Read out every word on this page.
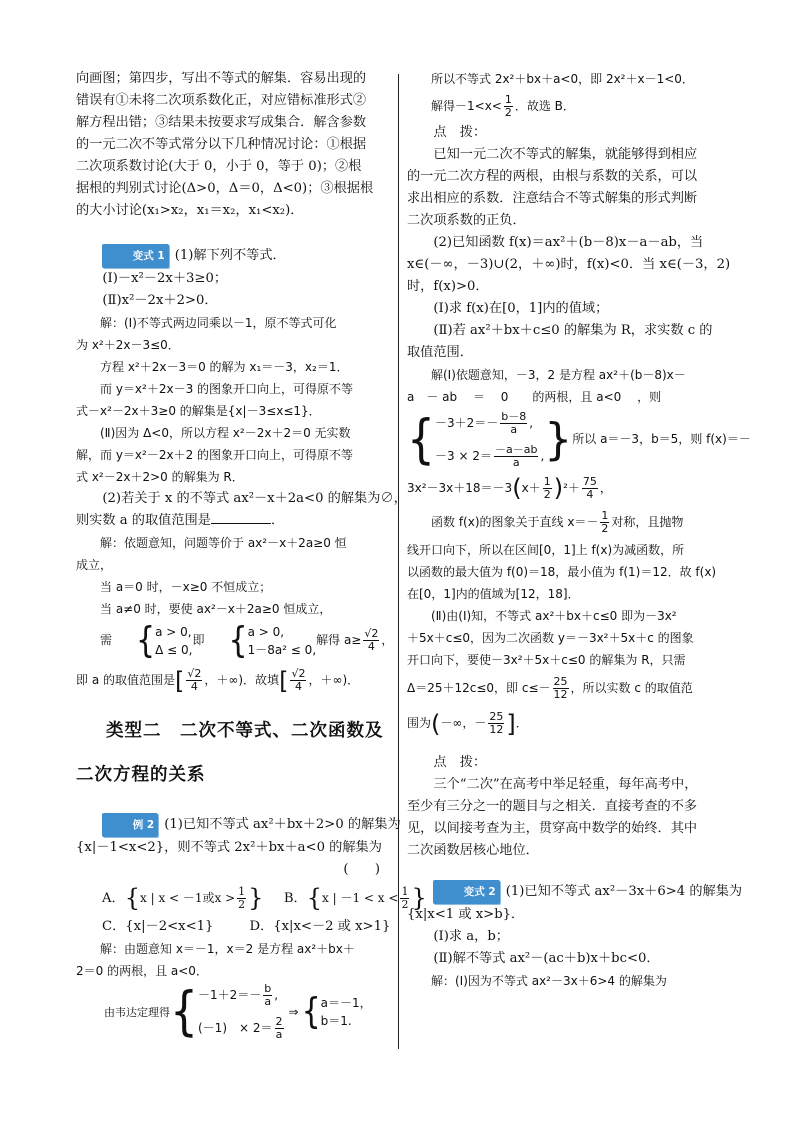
向画图；第四步，写出不等式的解集．容易出现的

错误有①未将二次项系数化正，对应错标准形式②

解方程出错；③结果未按要求写成集合．解含参数

的一元二次不等式常分以下几种情况讨论：①根据

二次项系数讨论(大于 0，小于 0，等于 0)；②根

据根的判别式讨论(Δ>0，Δ＝0，Δ<0)；③根据根

的大小讨论(x₁>x₂，x₁＝x₂，x₁<x₂)．

变式 1 (1)解下列不等式．

(Ⅰ)－x²－2x＋3≥0；

(Ⅱ)x²－2x＋2>0．

解：(Ⅰ)不等式两边同乘以－1，原不等式可化

为 x²＋2x－3≤0．

方程 x²＋2x－3＝0 的解为 x₁＝－3，x₂＝1．

而 y＝x²＋2x－3 的图象开口向上，可得原不等

式－x²－2x＋3≥0 的解集是{x|－3≤x≤1}．

(Ⅱ)因为 Δ<0，所以方程 x²－2x＋2＝0 无实数

解，而 y＝x²－2x＋2 的图象开口向上，可得原不等

式 x²－2x＋2>0 的解集为 R．

(2)若关于 x 的不等式 ax²－x＋2a<0 的解集为∅，

则实数 a 的取值范围是	．

解：依题意知，问题等价于 ax²－x＋2a≥0 恒

成立，

当 a＝0 时，－x≥0 不恒成立；

当 a≠0 时，要使 ax²－x＋2a≥0 恒成立，

需 { a > 0,
Δ ≤ 0,
即 { a > 0,
1－8a² ≤ 0,
解得 $a\ge \frac{√2}{4}$ ，
即 a 的取值范围是[ $\frac{√2}{4}$ ，＋∞)．故填[ $\frac{√2}{4}$ ，＋∞)．

类型二　二次不等式、二次函数及

二次方程的关系

例 2 (1)已知不等式 ax²＋bx＋2>0 的解集为

{x|－1<x<2}，则不等式 2x²＋bx＋a<0 的解集为

(　　)

A．{x | x < －1或$x > \frac{1}{2}$ } B．{x | $-1 < x < \frac{1}{2}$ }
C．{x|－2<x<1}	D．{x|x<－2 或 x>1}

解：由题意知 x＝－1，x＝2 是方程 ax²＋bx＋

2＝0 的两根，且 a<0．

由韦达定理得{ $-1+2=- \frac{b}{a}$ ,
(－1)　× $2= \frac{2}{a}$
⇒ { a＝－1，
b＝1.

所以不等式 2x²＋bx＋a<0，即 2x²＋x－1<0．

解得$-1<x< \frac{1}{2}$ ．故选 B．

点　拨：

已知一元二次不等式的解集，就能够得到相应

的一元二次方程的两根，由根与系数的关系，可以

求出相应的系数．注意结合不等式解集的形式判断

二次项系数的正负．

(2)已知函数 f(x)＝ax²＋(b－8)x－a－ab，当

x∈(－∞，－3)∪(2，＋∞)时，f(x)<0．当 x∈(－3，2)

时，f(x)>0．

(Ⅰ)求 f(x)在[0，1]内的值域；

(Ⅱ)若 ax²＋bx＋c≤0 的解集为 R，求实数 c 的

取值范围．

解(Ⅰ)依题意知，－3，2 是方程 ax²＋(b－8)x－

a　－ ab　 ＝　 0　　的两根，且 a<0　 ，则

{ $-3+2=- \frac{b-8}{a}$ ,
$-3 \times 2= \frac{-a-ab}{a}$ , }所以 a＝－3，b＝5，则 f(x)＝－
$3x^2-3x+18=-3(x+ \frac{1}{2} )^2+ \frac{75}{4}$ ，
函数 f(x)的图象关于直线 $x=- \frac{1}{2}$ 对称，且抛物

线开口向下，所以在区间[0，1]上 f(x)为减函数，所

以函数的最大值为 f(0)＝18，最小值为 f(1)＝12．故 f(x)

在[0，1]内的值域为[12，18]．

(Ⅱ)由(Ⅰ)知，不等式 ax²＋bx＋c≤0 即为－3x²

＋5x＋c≤0，因为二次函数 y＝－3x²＋5x＋c 的图象

开口向下，要使－3x²＋5x＋c≤0 的解集为 R，只需

Δ＝25＋12c≤0，即 $c\le- \frac{25}{12}$ ，所以实数 c 的取值范
围为(－∞，－ $\frac{25}{12}$ ]．

点　拨：

三个“二次”在高考中举足轻重，每年高考中，

至少有三分之一的题目与之相关．直接考查的不多

见，以间接考查为主，贯穿高中数学的始终．其中

二次函数居核心地位．

变式 2 (1)已知不等式 ax²－3x＋6>4 的解集为

{x|x<1 或 x>b}．

(Ⅰ)求 a，b；

(Ⅱ)解不等式 ax²－(ac＋b)x＋bc<0．

解：(Ⅰ)因为不等式 ax²－3x＋6>4 的解集为
